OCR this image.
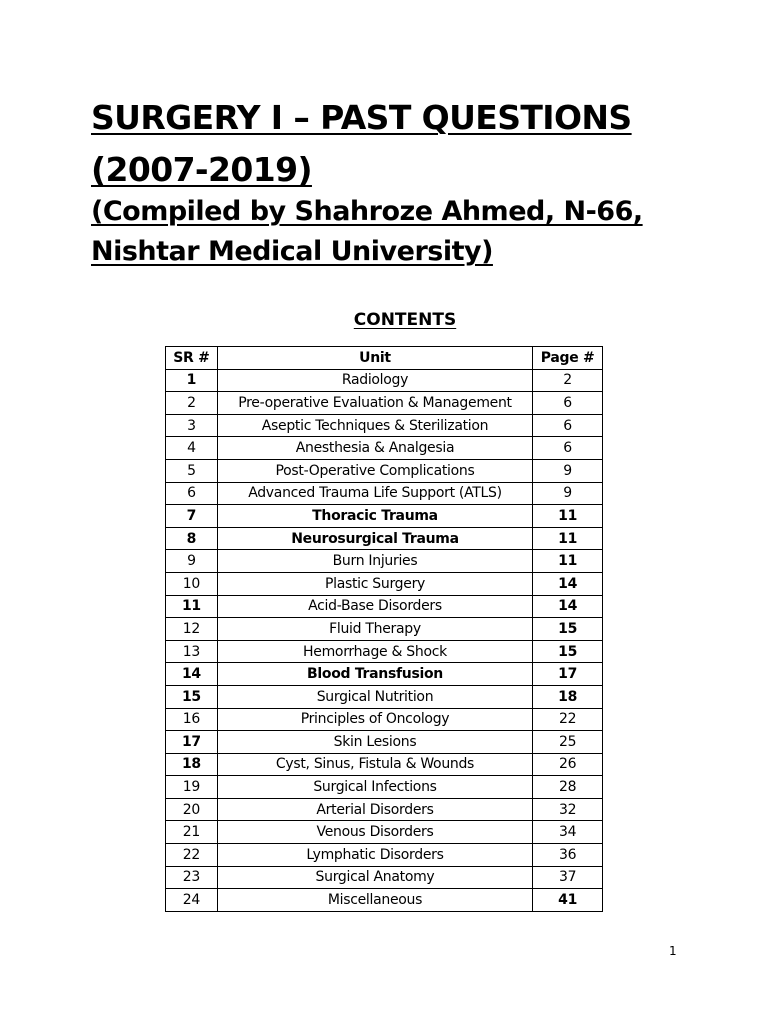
SURGERY I – PAST QUESTIONS
(2007-2019)
(Compiled by Shahroze Ahmed, N-66,
Nishtar Medical University)
CONTENTS
SR #	Unit	Page #
1	Radiology	2
2	Pre-operative Evaluation & Management	6
3	Aseptic Techniques & Sterilization	6
4	Anesthesia & Analgesia	6
5	Post-Operative Complications	9
6	Advanced Trauma Life Support (ATLS)	9
7	Thoracic Trauma	11
8	Neurosurgical Trauma	11
9	Burn Injuries	11
10	Plastic Surgery	14
11	Acid-Base Disorders	14
12	Fluid Therapy	15
13	Hemorrhage & Shock	15
14	Blood Transfusion	17
15	Surgical Nutrition	18
16	Principles of Oncology	22
17	Skin Lesions	25
18	Cyst, Sinus, Fistula & Wounds	26
19	Surgical Infections	28
20	Arterial Disorders	32
21	Venous Disorders	34
22	Lymphatic Disorders	36
23	Surgical Anatomy	37
24	Miscellaneous	41
1
